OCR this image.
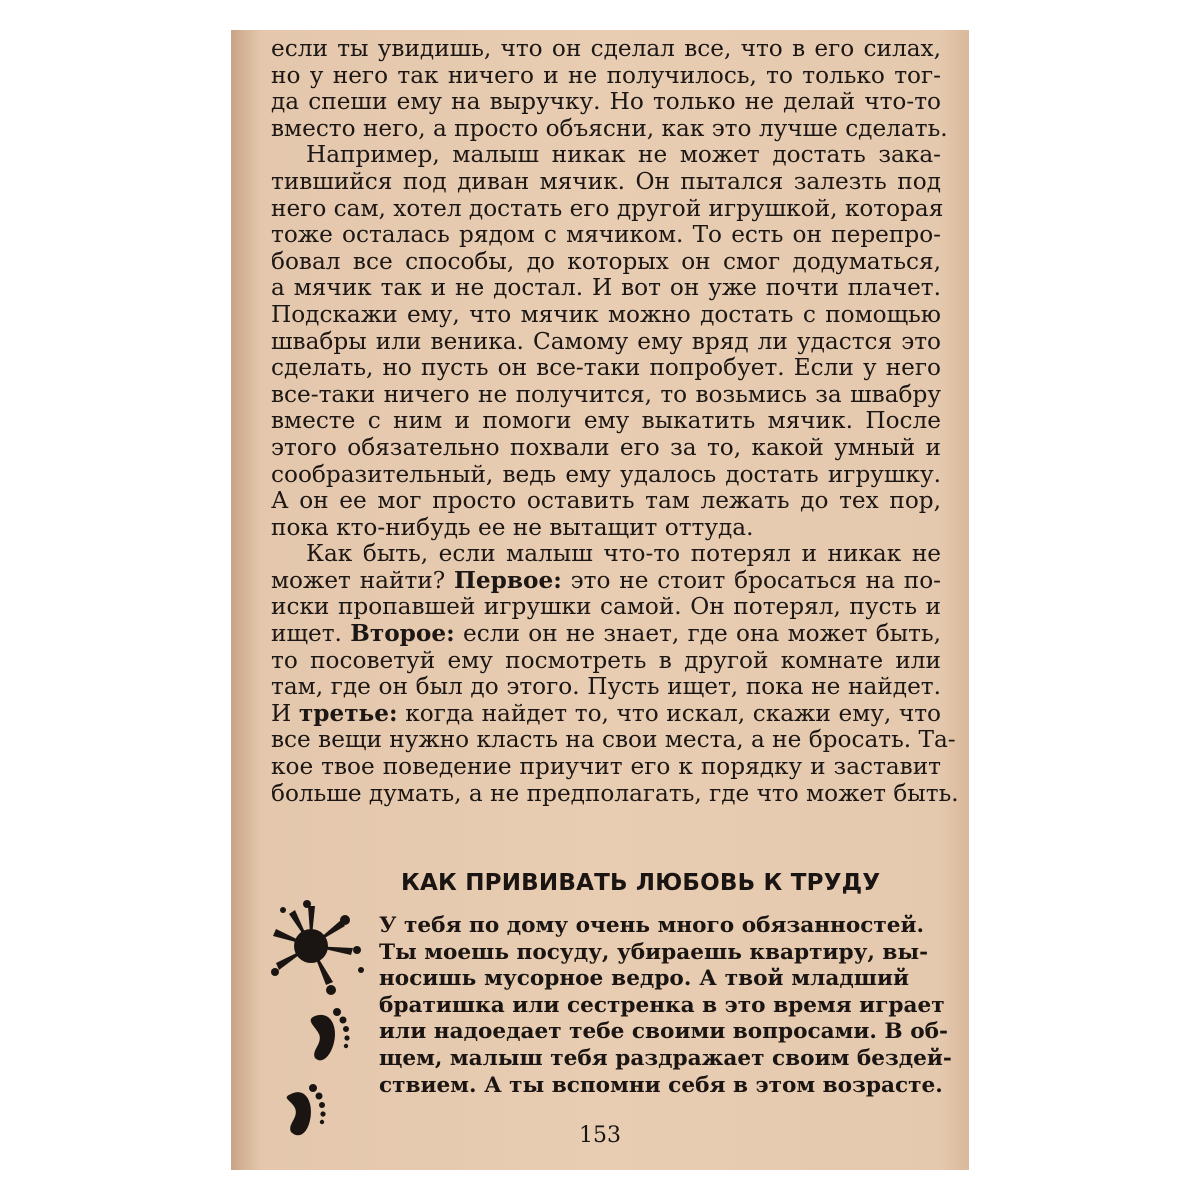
если ты увидишь, что он сделал все, что в его силах,
но у него так ничего и не получилось, то только тог-
да спеши ему на выручку. Но только не делай что-то
вместо него, а просто объясни, как это лучше сделать.
Например, малыш никак не может достать зака-
тившийся под диван мячик. Он пытался залезть под
него сам, хотел достать его другой игрушкой, которая
тоже осталась рядом с мячиком. То есть он перепро-
бовал все способы, до которых он смог додуматься,
а мячик так и не достал. И вот он уже почти плачет.
Подскажи ему, что мячик можно достать с помощью
швабры или веника. Самому ему вряд ли удастся это
сделать, но пусть он все-таки попробует. Если у него
все-таки ничего не получится, то возьмись за швабру
вместе с ним и помоги ему выкатить мячик. После
этого обязательно похвали его за то, какой умный и
сообразительный, ведь ему удалось достать игрушку.
А он ее мог просто оставить там лежать до тех пор,
пока кто-нибудь ее не вытащит оттуда.
Как быть, если малыш что-то потерял и никак не
может найти? Первое: это не стоит бросаться на по-
иски пропавшей игрушки самой. Он потерял, пусть и
ищет. Второе: если он не знает, где она может быть,
то посоветуй ему посмотреть в другой комнате или
там, где он был до этого. Пусть ищет, пока не найдет.
И третье: когда найдет то, что искал, скажи ему, что
все вещи нужно класть на свои места, а не бросать. Та-
кое твое поведение приучит его к порядку и заставит
больше думать, а не предполагать, где что может быть.
КАК ПРИВИВАТЬ ЛЮБОВЬ К ТРУДУ
У тебя по дому очень много обязанностей.
Ты моешь посуду, убираешь квартиру, вы-
носишь мусорное ведро. А твой младший
братишка или сестренка в это время играет
или надоедает тебе своими вопросами. В об-
щем, малыш тебя раздражает своим бездей-
ствием. А ты вспомни себя в этом возрасте.
153
